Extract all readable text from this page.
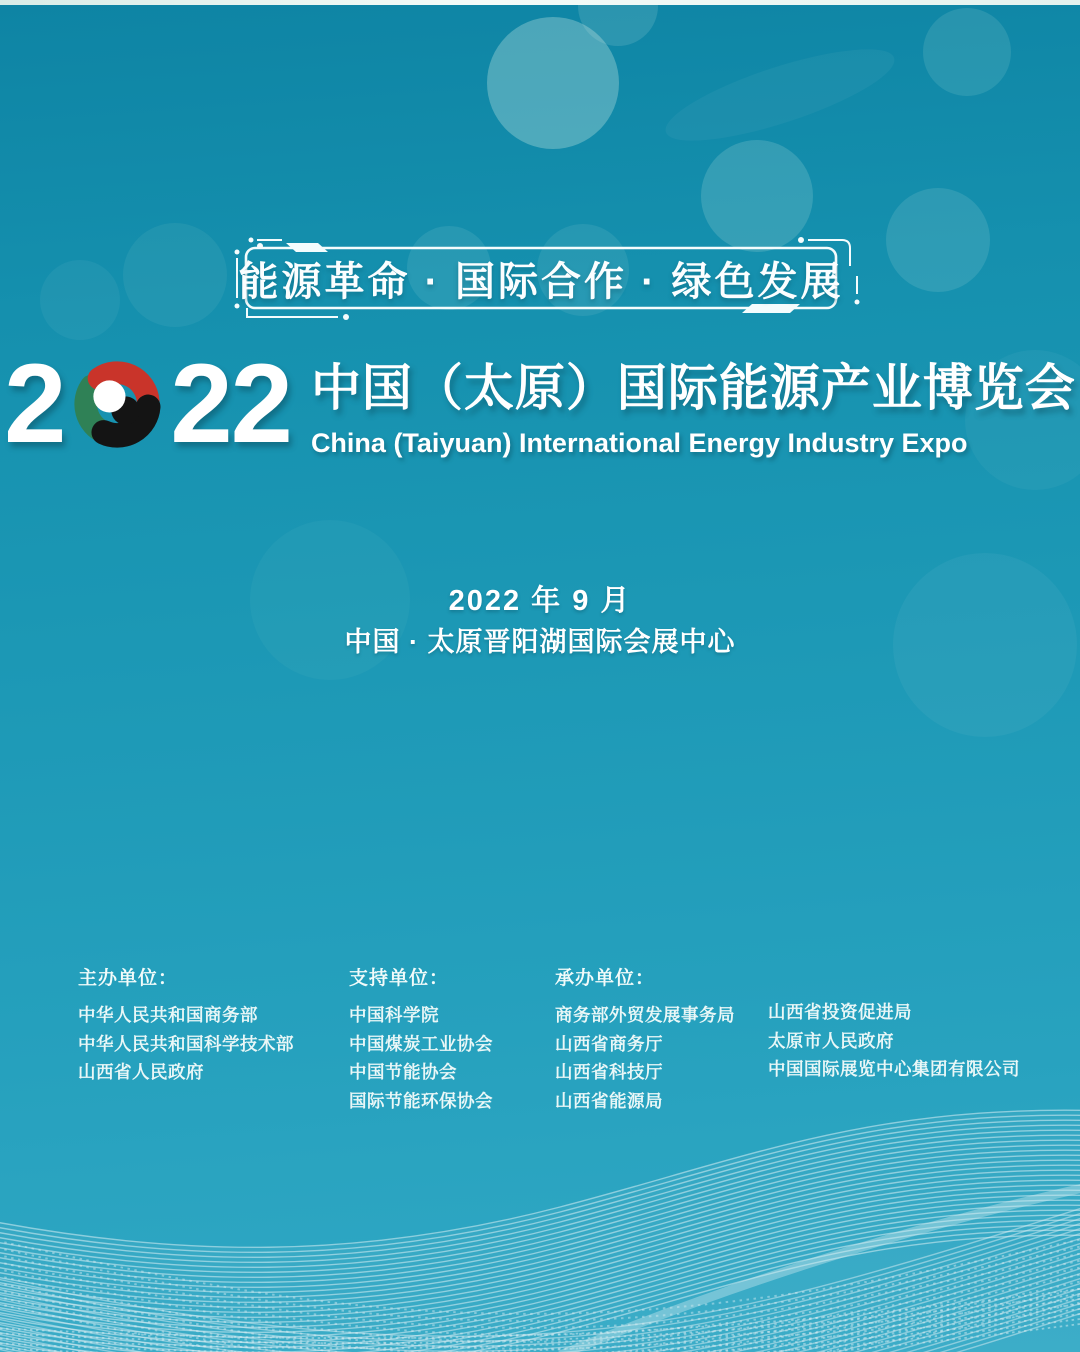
能源革命 · 国际合作 · 绿色发展
2 22 中国（太原）国际能源产业博览会
China (Taiyuan) International Energy Industry Expo
2022 年 9 月
中国 · 太原晋阳湖国际会展中心
主办单位：
中华人民共和国商务部
中华人民共和国科学技术部
山西省人民政府
支持单位：
中国科学院
中国煤炭工业协会
中国节能协会
国际节能环保协会
承办单位：
商务部外贸发展事务局
山西省商务厅
山西省科技厅
山西省能源局
山西省投资促进局
太原市人民政府
中国国际展览中心集团有限公司
